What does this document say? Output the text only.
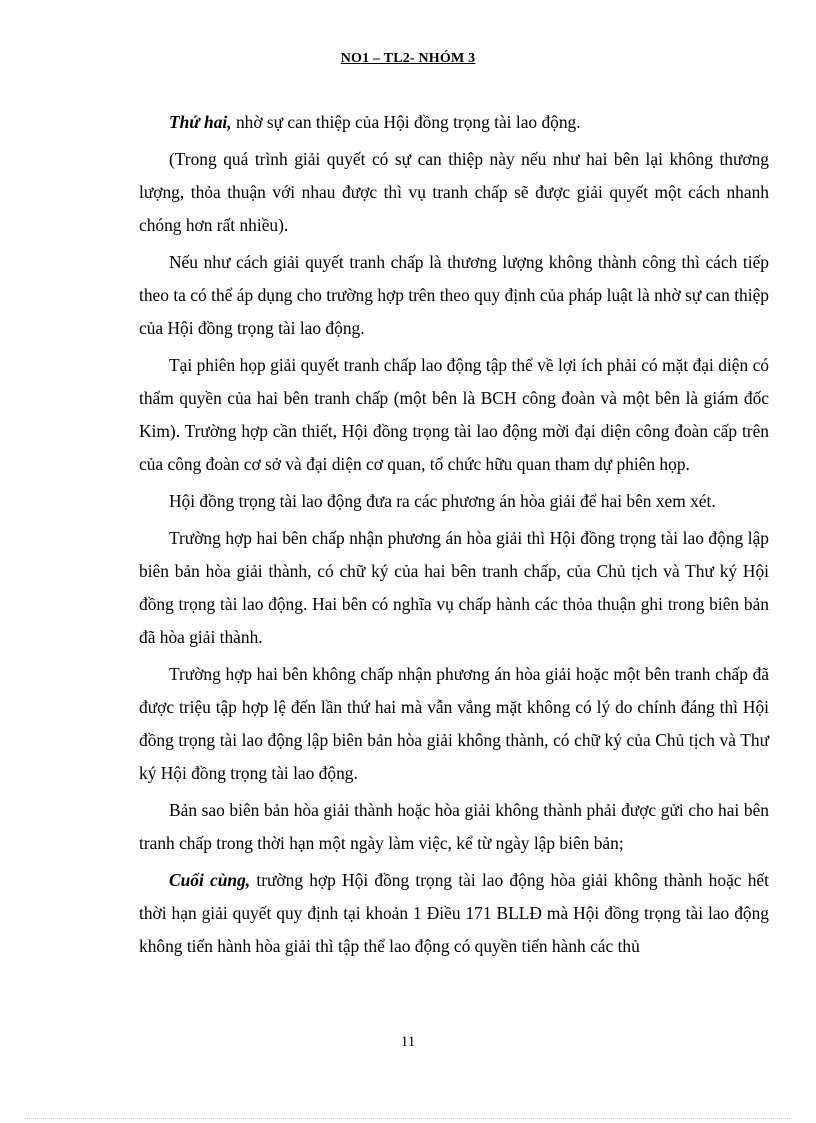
NO1 – TL2- NHÓM 3

Thứ hai, nhờ sự can thiệp của Hội đồng trọng tài lao động.

(Trong quá trình giải quyết có sự can thiệp này nếu như hai bên lại không thương lượng, thỏa thuận với nhau được thì vụ tranh chấp sẽ được giải quyết một cách nhanh chóng hơn rất nhiều).

Nếu như cách giải quyết tranh chấp là thương lượng không thành công thì cách tiếp theo ta có thể áp dụng cho trường hợp trên theo quy định của pháp luật là nhờ sự can thiệp của Hội đồng trọng tài lao động.

Tại phiên họp giải quyết tranh chấp lao động tập thể về lợi ích phải có mặt đại diện có thẩm quyền của hai bên tranh chấp (một bên là BCH công đoàn và một bên là giám đốc Kim). Trường hợp cần thiết, Hội đồng trọng tài lao động mời đại diện công đoàn cấp trên của công đoàn cơ sở và đại diện cơ quan, tổ chức hữu quan tham dự phiên họp.

Hội đồng trọng tài lao động đưa ra các phương án hòa giải để hai bên xem xét.

Trường hợp hai bên chấp nhận phương án hòa giải thì Hội đồng trọng tài lao động lập biên bản hòa giải thành, có chữ ký của hai bên tranh chấp, của Chủ tịch và Thư ký Hội đồng trọng tài lao động. Hai bên có nghĩa vụ chấp hành các thỏa thuận ghi trong biên bản đã hòa giải thành.

Trường hợp hai bên không chấp nhận phương án hòa giải hoặc một bên tranh chấp đã được triệu tập hợp lệ đến lần thứ hai mà vẫn vắng mặt không có lý do chính đáng thì Hội đồng trọng tài lao động lập biên bản hòa giải không thành, có chữ ký của Chủ tịch và Thư ký Hội đồng trọng tài lao động.

Bản sao biên bản hòa giải thành hoặc hòa giải không thành phải được gửi cho hai bên tranh chấp trong thời hạn một ngày làm việc, kể từ ngày lập biên bản;

Cuối cùng, trường hợp Hội đồng trọng tài lao động hòa giải không thành hoặc hết thời hạn giải quyết quy định tại khoản 1 Điều 171 BLLĐ mà Hội đồng trọng tài lao động không tiến hành hòa giải thì tập thể lao động có quyền tiến hành các thủ

11
